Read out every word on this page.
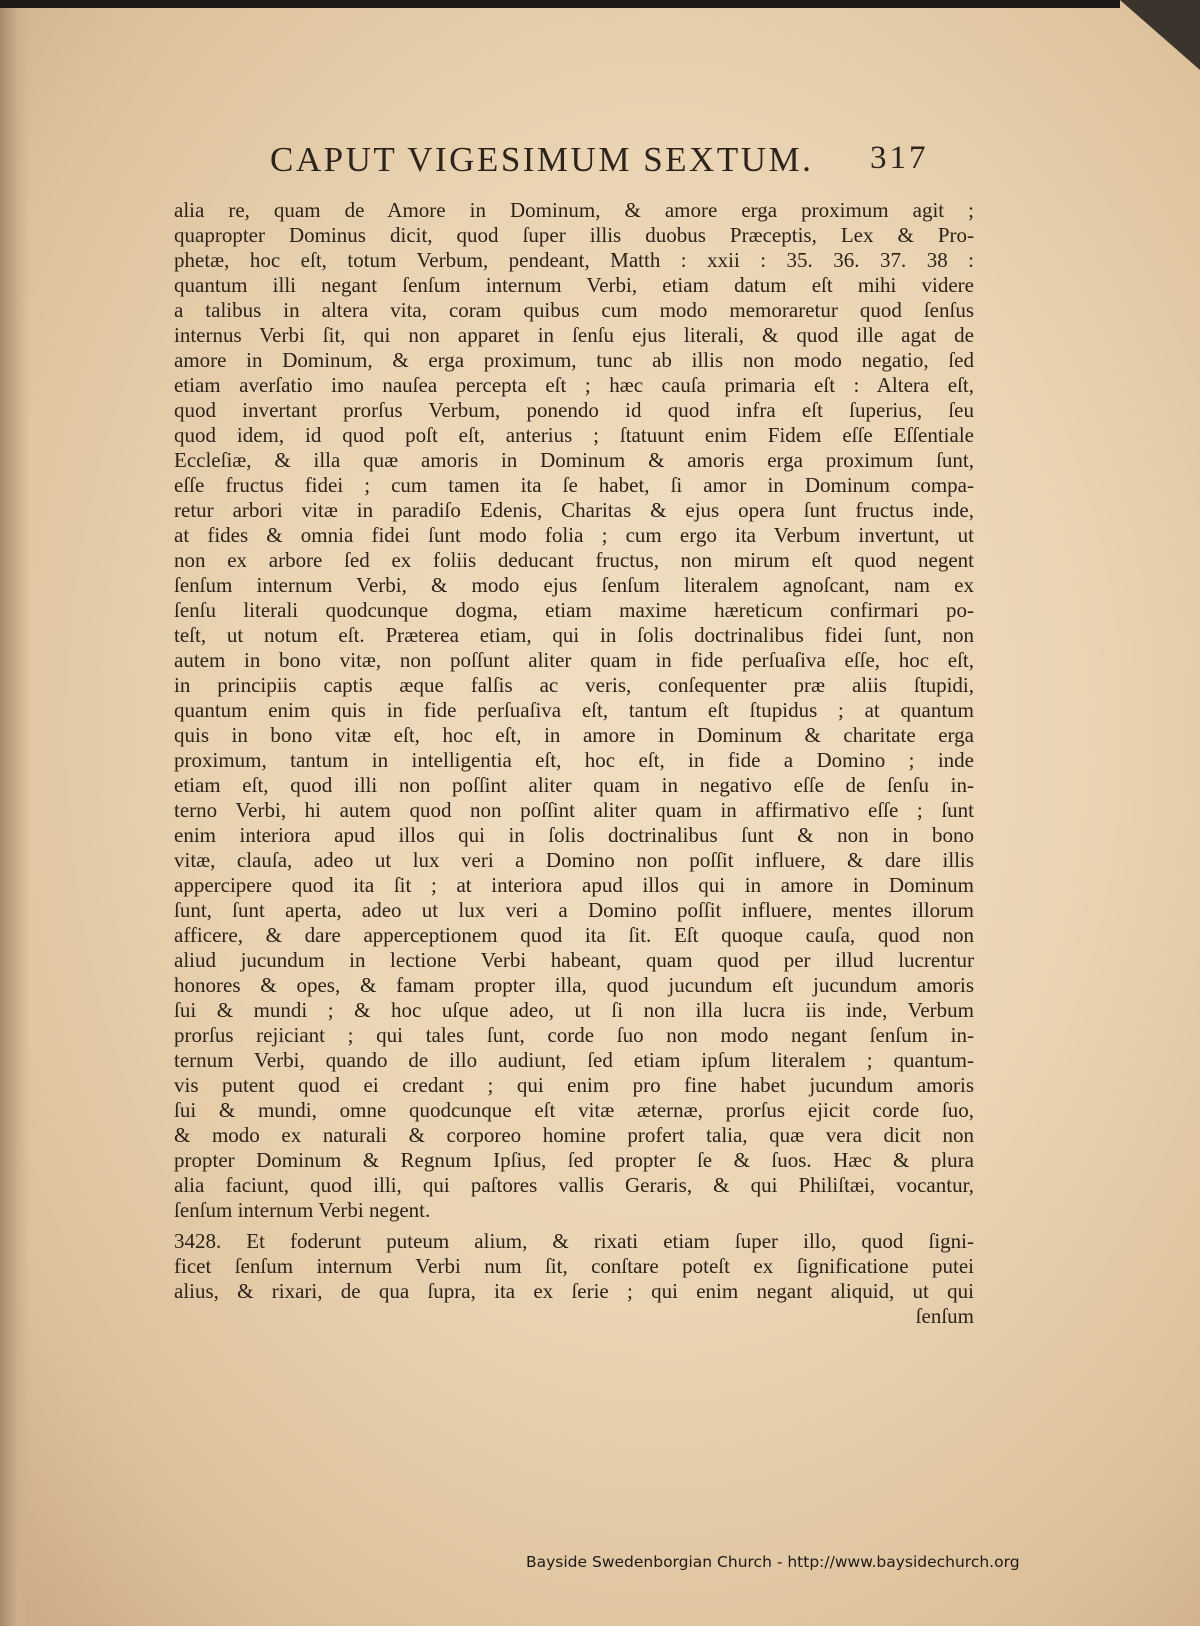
CAPUT VIGESIMUM SEXTUM. 317
alia re, quam de Amore in Dominum, & amore erga proximum agit ;
quapropter Dominus dicit, quod ſuper illis duobus Præceptis, Lex & Pro-
phetæ, hoc eſt, totum Verbum, pendeant, Matth : xxii : 35. 36. 37. 38 :
quantum illi negant ſenſum internum Verbi, etiam datum eſt mihi videre
a talibus in altera vita, coram quibus cum modo memoraretur quod ſenſus
internus Verbi ſit, qui non apparet in ſenſu ejus literali, & quod ille agat de
amore in Dominum, & erga proximum, tunc ab illis non modo negatio, ſed
etiam averſatio imo nauſea percepta eſt ; hæc cauſa primaria eſt : Altera eſt,
quod invertant prorſus Verbum, ponendo id quod infra eſt ſuperius, ſeu
quod idem, id quod poſt eſt, anterius ; ſtatuunt enim Fidem eſſe Eſſentiale
Eccleſiæ, & illa quæ amoris in Dominum & amoris erga proximum ſunt,
eſſe fructus fidei ; cum tamen ita ſe habet, ſi amor in Dominum compa-
retur arbori vitæ in paradiſo Edenis, Charitas & ejus opera ſunt fructus inde,
at fides & omnia fidei ſunt modo folia ; cum ergo ita Verbum invertunt, ut
non ex arbore ſed ex foliis deducant fructus, non mirum eſt quod negent
ſenſum internum Verbi, & modo ejus ſenſum literalem agnoſcant, nam ex
ſenſu literali quodcunque dogma, etiam maxime hæreticum confirmari po-
teſt, ut notum eſt. Præterea etiam, qui in ſolis doctrinalibus fidei ſunt, non
autem in bono vitæ, non poſſunt aliter quam in fide perſuaſiva eſſe, hoc eſt,
in principiis captis æque falſis ac veris, conſequenter præ aliis ſtupidi,
quantum enim quis in fide perſuaſiva eſt, tantum eſt ſtupidus ; at quantum
quis in bono vitæ eſt, hoc eſt, in amore in Dominum & charitate erga
proximum, tantum in intelligentia eſt, hoc eſt, in fide a Domino ; inde
etiam eſt, quod illi non poſſint aliter quam in negativo eſſe de ſenſu in-
terno Verbi, hi autem quod non poſſint aliter quam in affirmativo eſſe ; ſunt
enim interiora apud illos qui in ſolis doctrinalibus ſunt & non in bono
vitæ, clauſa, adeo ut lux veri a Domino non poſſit influere, & dare illis
appercipere quod ita ſit ; at interiora apud illos qui in amore in Dominum
ſunt, ſunt aperta, adeo ut lux veri a Domino poſſit influere, mentes illorum
afficere, & dare apperceptionem quod ita ſit. Eſt quoque cauſa, quod non
aliud jucundum in lectione Verbi habeant, quam quod per illud lucrentur
honores & opes, & famam propter illa, quod jucundum eſt jucundum amoris
ſui & mundi ; & hoc uſque adeo, ut ſi non illa lucra iis inde, Verbum
prorſus rejiciant ; qui tales ſunt, corde ſuo non modo negant ſenſum in-
ternum Verbi, quando de illo audiunt, ſed etiam ipſum literalem ; quantum-
vis putent quod ei credant ; qui enim pro fine habet jucundum amoris
ſui & mundi, omne quodcunque eſt vitæ æternæ, prorſus ejicit corde ſuo,
& modo ex naturali & corporeo homine profert talia, quæ vera dicit non
propter Dominum & Regnum Ipſius, ſed propter ſe & ſuos. Hæc & plura
alia faciunt, quod illi, qui paſtores vallis Geraris, & qui Philiſtæi, vocantur,
ſenſum internum Verbi negent.
3428. Et foderunt puteum alium, & rixati etiam ſuper illo, quod ſigni-
ficet ſenſum internum Verbi num ſit, conſtare poteſt ex ſignificatione putei
alius, & rixari, de qua ſupra, ita ex ſerie ; qui enim negant aliquid, ut qui
ſenſum
Bayside Swedenborgian Church - http://www.baysidechurch.org
